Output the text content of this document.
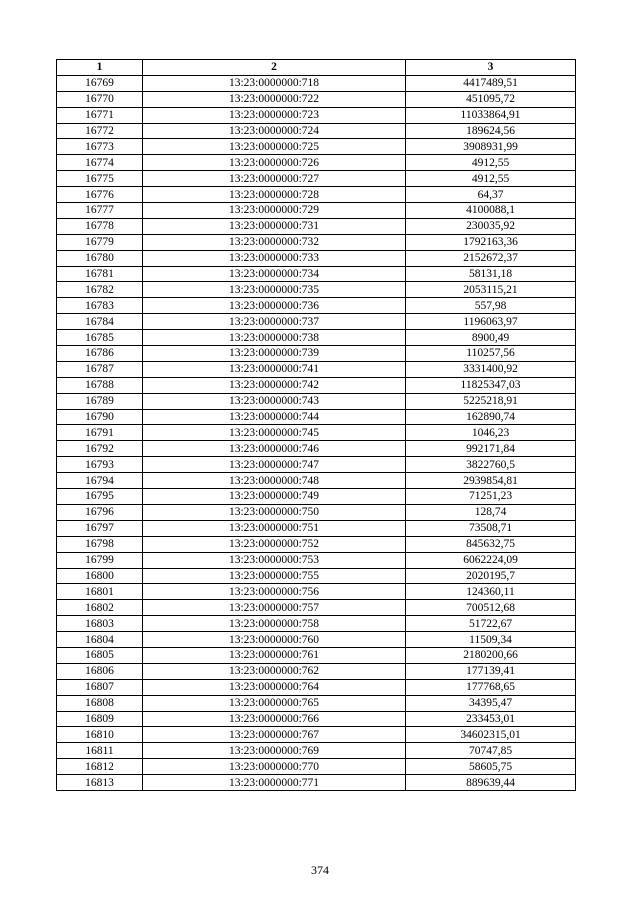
1	2	3
16769	13:23:0000000:718	4417489,51
16770	13:23:0000000:722	451095,72
16771	13:23:0000000:723	11033864,91
16772	13:23:0000000:724	189624,56
16773	13:23:0000000:725	3908931,99
16774	13:23:0000000:726	4912,55
16775	13:23:0000000:727	4912,55
16776	13:23:0000000:728	64,37
16777	13:23:0000000:729	4100088,1
16778	13:23:0000000:731	230035,92
16779	13:23:0000000:732	1792163,36
16780	13:23:0000000:733	2152672,37
16781	13:23:0000000:734	58131,18
16782	13:23:0000000:735	2053115,21
16783	13:23:0000000:736	557,98
16784	13:23:0000000:737	1196063,97
16785	13:23:0000000:738	8900,49
16786	13:23:0000000:739	110257,56
16787	13:23:0000000:741	3331400,92
16788	13:23:0000000:742	11825347,03
16789	13:23:0000000:743	5225218,91
16790	13:23:0000000:744	162890,74
16791	13:23:0000000:745	1046,23
16792	13:23:0000000:746	992171,84
16793	13:23:0000000:747	3822760,5
16794	13:23:0000000:748	2939854,81
16795	13:23:0000000:749	71251,23
16796	13:23:0000000:750	128,74
16797	13:23:0000000:751	73508,71
16798	13:23:0000000:752	845632,75
16799	13:23:0000000:753	6062224,09
16800	13:23:0000000:755	2020195,7
16801	13:23:0000000:756	124360,11
16802	13:23:0000000:757	700512,68
16803	13:23:0000000:758	51722,67
16804	13:23:0000000:760	11509,34
16805	13:23:0000000:761	2180200,66
16806	13:23:0000000:762	177139,41
16807	13:23:0000000:764	177768,65
16808	13:23:0000000:765	34395,47
16809	13:23:0000000:766	233453,01
16810	13:23:0000000:767	34602315,01
16811	13:23:0000000:769	70747,85
16812	13:23:0000000:770	58605,75
16813	13:23:0000000:771	889639,44
374
